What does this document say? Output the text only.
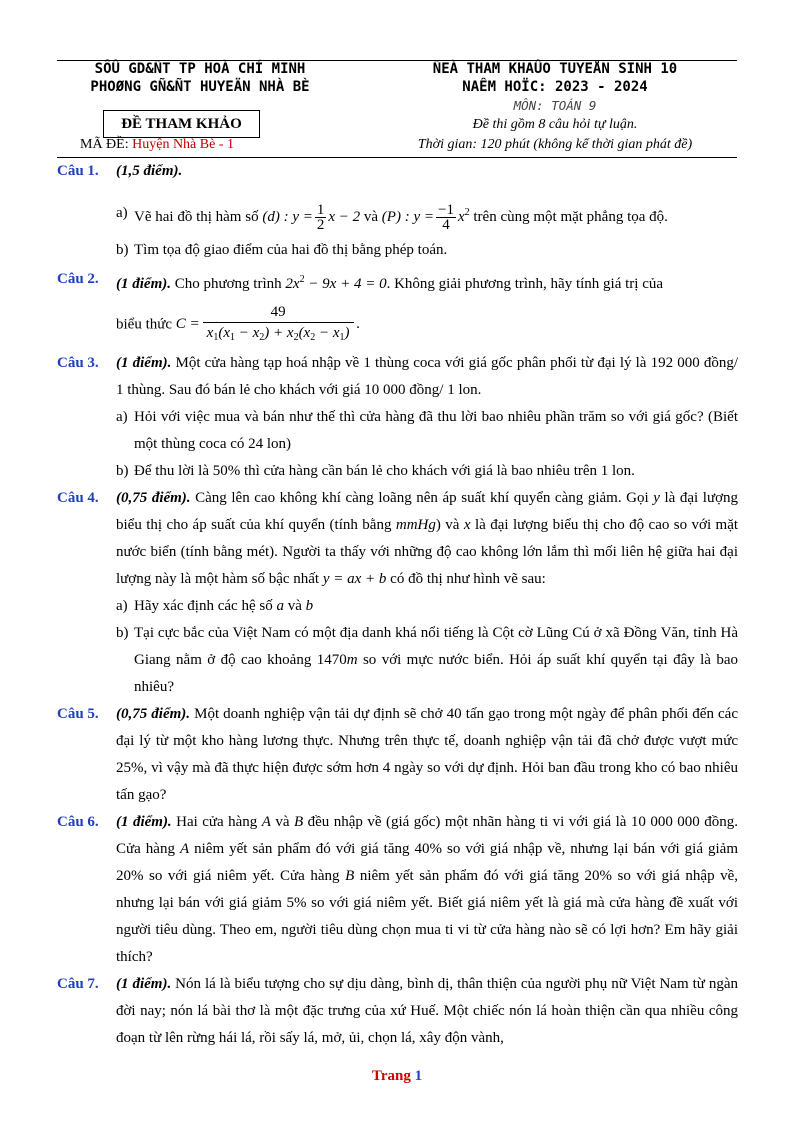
SÔÛ GD&ÑT TP HOÀ CHÍ MINH
PHOØNG GÑ&ÑT HUYEÄN NHÀ BÈ
ÑEÀ THAM KHAÛO TUYEÅN SINH 10
NAÊM HOÏC: 2023 - 2024
MÔN: TOÁN 9
ĐỀ THAM KHẢO
MÃ ĐỀ: Huyện Nhà Bè - 1
Đề thi gồm 8 câu hỏi tự luận.
Thời gian: 120 phút (không kể thời gian phát đề)
Câu 1.	(1,5 điểm).
a) Vẽ hai đồ thị hàm số (d) : $y = \frac{1}{2}$ x − 2 và (P) : $y = \frac{-1}{4} x^2$ trên cùng một mặt phẳng tọa độ.
b) Tìm tọa độ giao điểm của hai đồ thị bằng phép toán.
Câu 2.	(1 điểm). Cho phương trình $2x^2 - 9x + 4 = 0$. Không giải phương trình, hãy tính giá trị của
biểu thức $C = \frac{49}{x_1(x_1 - x_2) + x_2(x_2 - x_1)}$ .
Câu 3.	(1 điểm). Một cửa hàng tạp hoá nhập về 1 thùng coca với giá gốc phân phối từ đại lý là 192 000 đồng/ 1 thùng. Sau đó bán lẻ cho khách với giá 10 000 đồng/ 1 lon.
a) Hỏi với việc mua và bán như thế thì cửa hàng đã thu lời bao nhiêu phần trăm so với giá gốc? (Biết một thùng coca có 24 lon)
b) Để thu lời là 50% thì cửa hàng cần bán lẻ cho khách với giá là bao nhiêu trên 1 lon.
Câu 4.	(0,75 điểm). Càng lên cao không khí càng loãng nên áp suất khí quyển càng giảm. Gọi y là đại lượng biểu thị cho áp suất của khí quyển (tính bằng mmHg) và x là đại lượng biểu thị cho độ cao so với mặt nước biển (tính bằng mét). Người ta thấy với những độ cao không lớn lắm thì mối liên hệ giữa hai đại lượng này là một hàm số bậc nhất y = ax + b có đồ thị như hình vẽ sau:
a) Hãy xác định các hệ số a và b
b) Tại cực bắc của Việt Nam có một địa danh khá nổi tiếng là Cột cờ Lũng Cú ở xã Đồng Văn, tỉnh Hà Giang nằm ở độ cao khoảng 1470m so với mực nước biển. Hỏi áp suất khí quyển tại đây là bao nhiêu?
Câu 5.	(0,75 điểm). Một doanh nghiệp vận tải dự định sẽ chở 40 tấn gạo trong một ngày để phân phối đến các đại lý từ một kho hàng lương thực. Nhưng trên thực tế, doanh nghiệp vận tải đã chở được vượt mức 25%, vì vậy mà đã thực hiện được sớm hơn 4 ngày so với dự định. Hỏi ban đầu trong kho có bao nhiêu tấn gạo?
Câu 6.	(1 điểm). Hai cửa hàng A và B đều nhập về (giá gốc) một nhãn hàng ti vi với giá là 10 000 000 đồng. Cửa hàng A niêm yết sản phẩm đó với giá tăng 40% so với giá nhập về, nhưng lại bán với giá giảm 20% so với giá niêm yết. Cửa hàng B niêm yết sản phẩm đó với giá tăng 20% so với giá nhập về, nhưng lại bán với giá giảm 5% so với giá niêm yết. Biết giá niêm yết là giá mà cửa hàng đề xuất với người tiêu dùng. Theo em, người tiêu dùng chọn mua ti vi từ cửa hàng nào sẽ có lợi hơn? Em hãy giải thích?
Câu 7.	(1 điểm). Nón lá là biểu tượng cho sự dịu dàng, bình dị, thân thiện của người phụ nữ Việt Nam từ ngàn đời nay; nón lá bài thơ là một đặc trưng của xứ Huế. Một chiếc nón lá hoàn thiện cần qua nhiều công đoạn từ lên rừng hái lá, rồi sấy lá, mở, ủi, chọn lá, xây độn vành,
Trang 1
